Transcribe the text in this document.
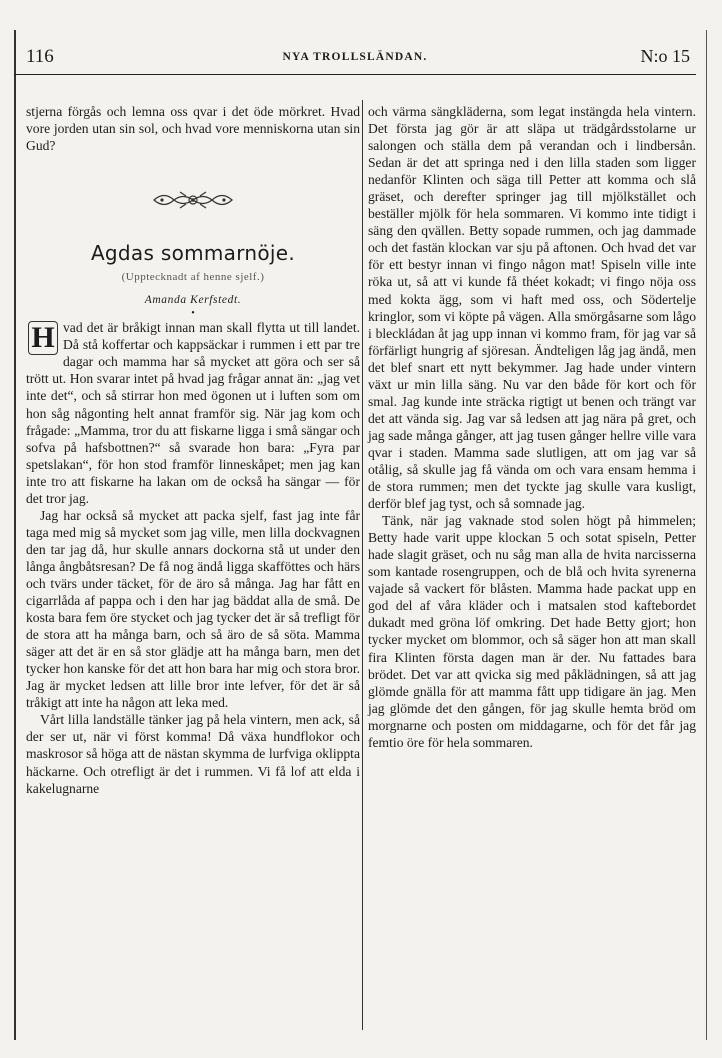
116	NYA TROLLSLÄNDAN.	N:o 15

stjerna förgås och lemna oss qvar i det öde mörkret. Hvad vore jorden utan sin sol, och hvad vore menniskorna utan sin Gud?

Agdas sommarnöje.
(Upptecknadt af henne sjelf.)
Amanda Kerfstedt.
•

H vad det är bråkigt innan man skall flytta ut till landet. Då stå koffertar och kappsäckar i rummen i ett par tre dagar och mamma har så mycket att göra och ser så trött ut. Hon svarar intet på hvad jag frågar annat än: „jag vet inte det“, och så stirrar hon med ögonen ut i luften som om hon såg någonting helt annat framför sig. När jag kom och frågade: „Mamma, tror du att fiskarne ligga i små sängar och sofva på hafsbottnen?“ så svarade hon bara: „Fyra par spetslakan“, för hon stod framför linneskåpet; men jag kan inte tro att fiskarne ha lakan om de också ha sängar — för det tror jag.

Jag har också så mycket att packa sjelf, fast jag inte får taga med mig så mycket som jag ville, men lilla dockvagnen den tar jag då, hur skulle annars dockorna stå ut under den långa ångbåtsresan? De få nog ändå ligga skafföttes och härs och tvärs under täcket, för de äro så många. Jag har fått en cigarrlåda af pappa och i den har jag bäddat alla de små. De kosta bara fem öre stycket och jag tycker det är så trefligt för de stora att ha många barn, och så äro de så söta. Mamma säger att det är en så stor glädje att ha många barn, men det tycker hon kanske för det att hon bara har mig och stora bror. Jag är mycket ledsen att lille bror inte lefver, för det är så tråkigt att inte ha någon att leka med.

Vårt lilla landställe tänker jag på hela vintern, men ack, så der ser ut, när vi först komma! Då växa hundflokor och maskrosor så höga att de nästan skymma de lurfviga oklippta häckarne. Och otrefligt är det i rummen. Vi få lof att elda i kakelugnarne

och värma sängkläderna, som legat instängda hela vintern. Det första jag gör är att släpa ut trädgårdsstolarne ur salongen och ställa dem på verandan och i lindbersån. Sedan är det att springa ned i den lilla staden som ligger nedanför Klinten och säga till Petter att komma och slå gräset, och derefter springer jag till mjölkstället och beställer mjölk för hela sommaren. Vi kommo inte tidigt i säng den qvällen. Betty sopade rummen, och jag dammade och det fastän klockan var sju på aftonen. Och hvad det var för ett bestyr innan vi fingo någon mat! Spiseln ville inte röka ut, så att vi kunde få théet kokadt; vi fingo nöja oss med kokta ägg, som vi haft med oss, och Södertelje kringlor, som vi köpte på vägen. Alla smörgåsarne som lågo i bleckládan åt jag upp innan vi kommo fram, för jag var så förfärligt hungrig af sjöresan. Ändteligen låg jag ändå, men det blef snart ett nytt bekymmer. Jag hade under vintern växt ur min lilla säng. Nu var den både för kort och för smal. Jag kunde inte sträcka rigtigt ut benen och trängt var det att vända sig. Jag var så ledsen att jag nära på gret, och jag sade många gånger, att jag tusen gånger hellre ville vara qvar i staden. Mamma sade slutligen, att om jag var så otålig, så skulle jag få vända om och vara ensam hemma i de stora rummen; men det tyckte jag skulle vara kusligt, derför blef jag tyst, och så somnade jag.

Tänk, när jag vaknade stod solen högt på himmelen; Betty hade varit uppe klockan 5 och sotat spiseln, Petter hade slagit gräset, och nu såg man alla de hvita narcisserna som kantade rosengruppen, och de blå och hvita syrenerna vajade så vackert för blåsten. Mamma hade packat upp en god del af våra kläder och i matsalen stod kaftebordet dukadt med gröna löf omkring. Det hade Betty gjort; hon tycker mycket om blommor, och så säger hon att man skall fira Klinten första dagen man är der. Nu fattades bara brödet. Det var att qvicka sig med påklädningen, så att jag glömde gnälla för att mamma fått upp tidigare än jag. Men jag glömde det den gången, för jag skulle hemta bröd om morgnarne och posten om middagarne, och för det får jag femtio öre för hela sommaren.
